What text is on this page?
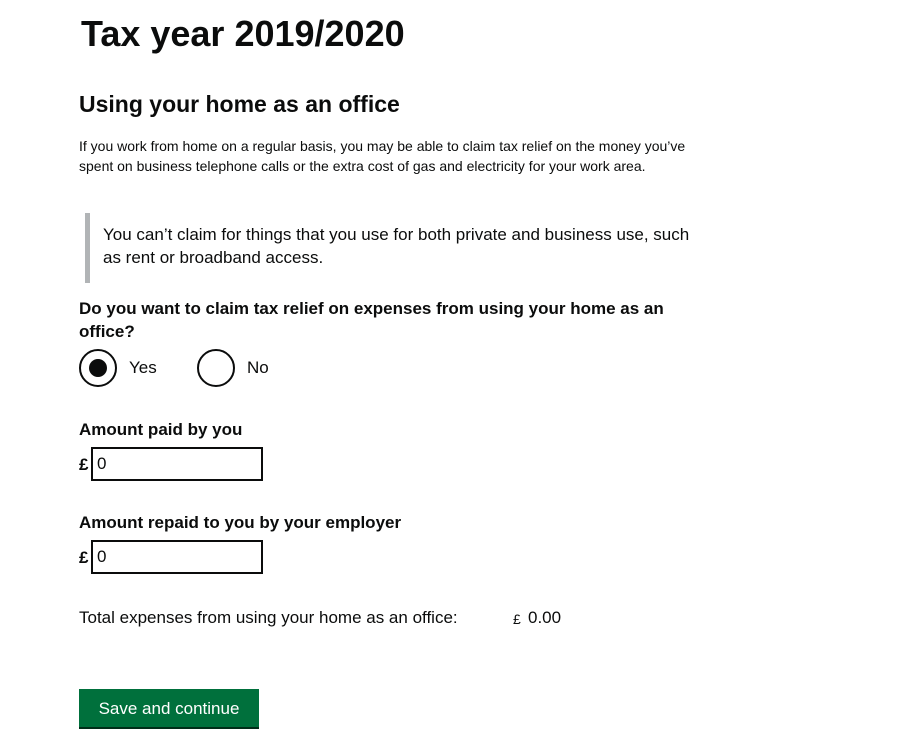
Tax year 2019/2020
Using your home as an office

If you work from home on a regular basis, you may be able to claim tax relief on the money you’ve spent on business telephone calls or the extra cost of gas and electricity for your work area.

You can’t claim for things that you use for both private and business use, such as rent or broadband access.

Do you want to claim tax relief on expenses from using your home as an office?

Yes	No
Amount paid by you
£
0
Amount repaid to you by your employer
£
0
Total expenses from using your home as an office:	£ 0.00
Save and continue
